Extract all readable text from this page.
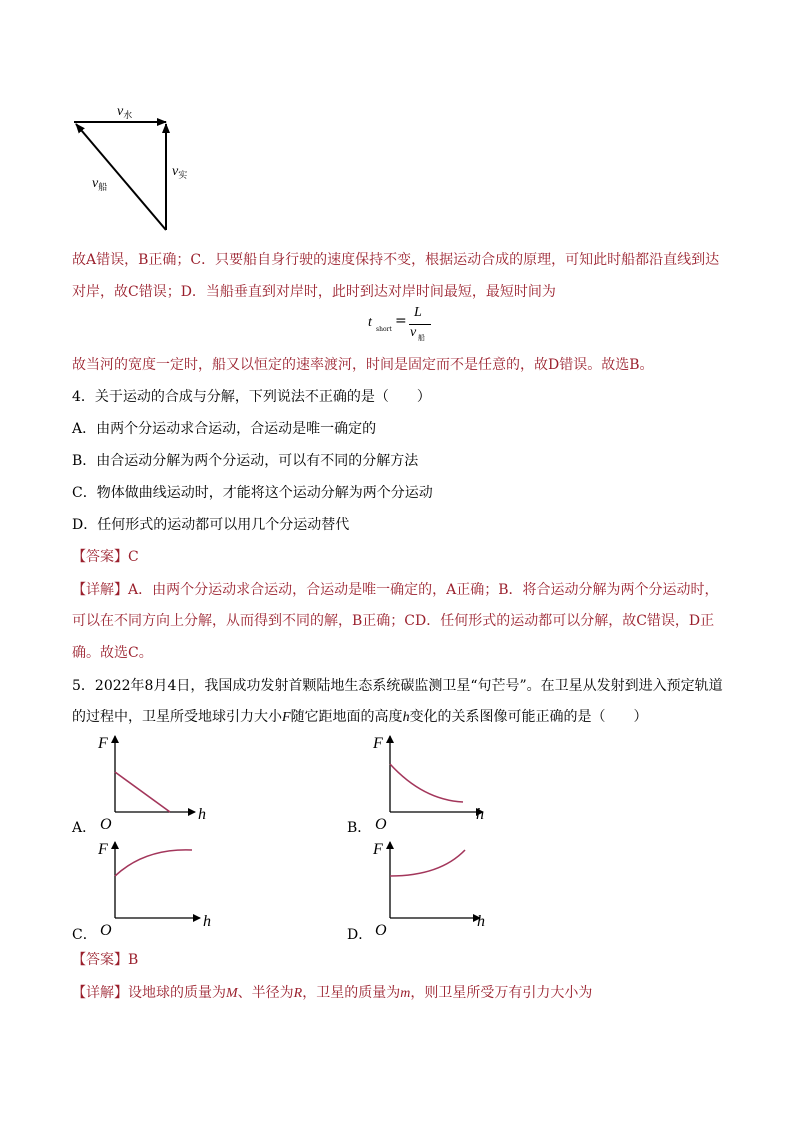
$v_水$
$v_实$
$v_船$
故A错误，B正确；C．只要船自身行驶的速度保持不变，根据运动合成的原理，可知此时船都沿直线到达
对岸，故C错误；D．当船垂直到对岸时，此时到达对岸时间最短，最短时间为
t short
=
L
v 船
故当河的宽度一定时，船又以恒定的速率渡河，时间是固定而不是任意的，故D错误。故选B。
4．关于运动的合成与分解，下列说法不正确的是（　　）
A．由两个分运动求合运动，合运动是唯一确定的
B．由合运动分解为两个分运动，可以有不同的分解方法
C．物体做曲线运动时，才能将这个运动分解为两个分运动
D．任何形式的运动都可以用几个分运动替代
【答案】C
【详解】A．由两个分运动求合运动，合运动是唯一确定的，A正确；B．将合运动分解为两个分运动时，
可以在不同方向上分解，从而得到不同的解，B正确；CD．任何形式的运动都可以分解，故C错误，D正
确。故选C。
5．2022年8月4日，我国成功发射首颗陆地生态系统碳监测卫星“句芒号”。在卫星从发射到进入预定轨道
的过程中，卫星所受地球引力大小F随它距地面的高度h变化的关系图像可能正确的是（　　）
F
h
O
A．
F
h
O
B．
F
h
O
C．
F
h
O
D．
【答案】B
【详解】设地球的质量为M、半径为R，卫星的质量为m，则卫星所受万有引力大小为
